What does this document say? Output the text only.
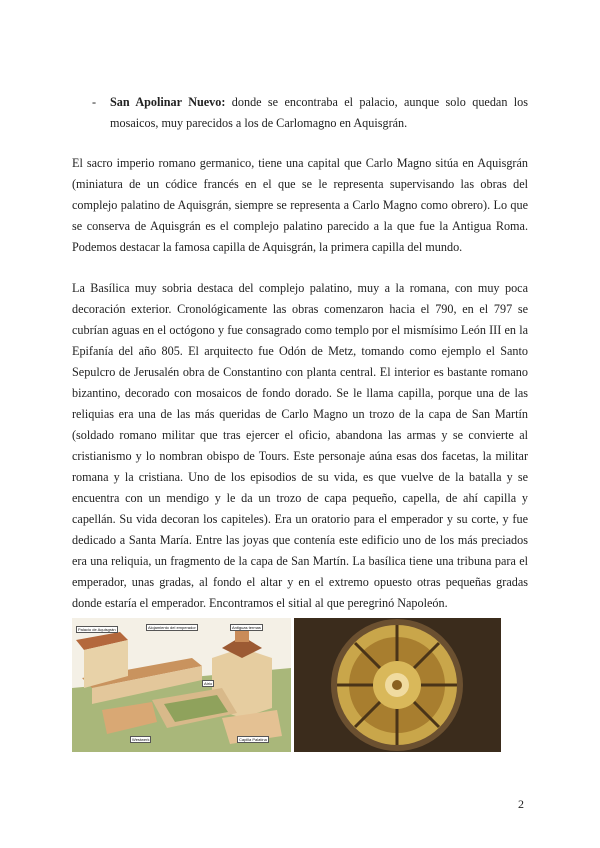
- San Apolinar Nuevo: donde se encontraba el palacio, aunque solo quedan los mosaicos, muy parecidos a los de Carlomagno en Aquisgrán.
El sacro imperio romano germanico, tiene una capital que Carlo Magno sitúa en Aquisgrán (miniatura de un códice francés en el que se le representa supervisando las obras del complejo palatino de Aquisgrán, siempre se representa a Carlo Magno como obrero). Lo que se conserva de Aquisgrán es el complejo palatino parecido a la que fue la Antigua Roma. Podemos destacar la famosa capilla de Aquisgrán, la primera capilla del mundo.
La Basílica muy sobria destaca del complejo palatino, muy a la romana, con muy poca decoración exterior. Cronológicamente las obras comenzaron hacia el 790, en el 797 se cubrían aguas en el octógono y fue consagrado como templo por el mismísimo León III en la Epifanía del año 805. El arquitecto fue Odón de Metz, tomando como ejemplo el Santo Sepulcro de Jerusalén obra de Constantino con planta central. El interior es bastante romano bizantino, decorado con mosaicos de fondo dorado. Se le llama capilla, porque una de las reliquias era una de las más queridas de Carlo Magno un trozo de la capa de San Martín (soldado romano militar que tras ejercer el oficio, abandona las armas y se convierte al cristianismo y lo nombran obispo de Tours. Este personaje aúna esas dos facetas, la militar romana y la cristiana. Uno de los episodios de su vida, es que vuelve de la batalla y se encuentra con un mendigo y le da un trozo de capa pequeño, capella, de ahí capilla y capellán. Su vida decoran los capiteles). Era un oratorio para el emperador y su corte, y fue dedicado a Santa María. Entre las joyas que contenía este edificio uno de los más preciados era una reliquia, un fragmento de la capa de San Martín. La basílica tiene una tribuna para el emperador, unas gradas, al fondo el altar y en el extremo opuesto otras pequeñas gradas donde estaría el emperador. Encontramos el sitial al que peregrinó Napoleón.
Palacio de Aquisgrán	Alojamiento del emperador	Antiguas termas
Atrio
Westwerk	Capilla Palatina
2
